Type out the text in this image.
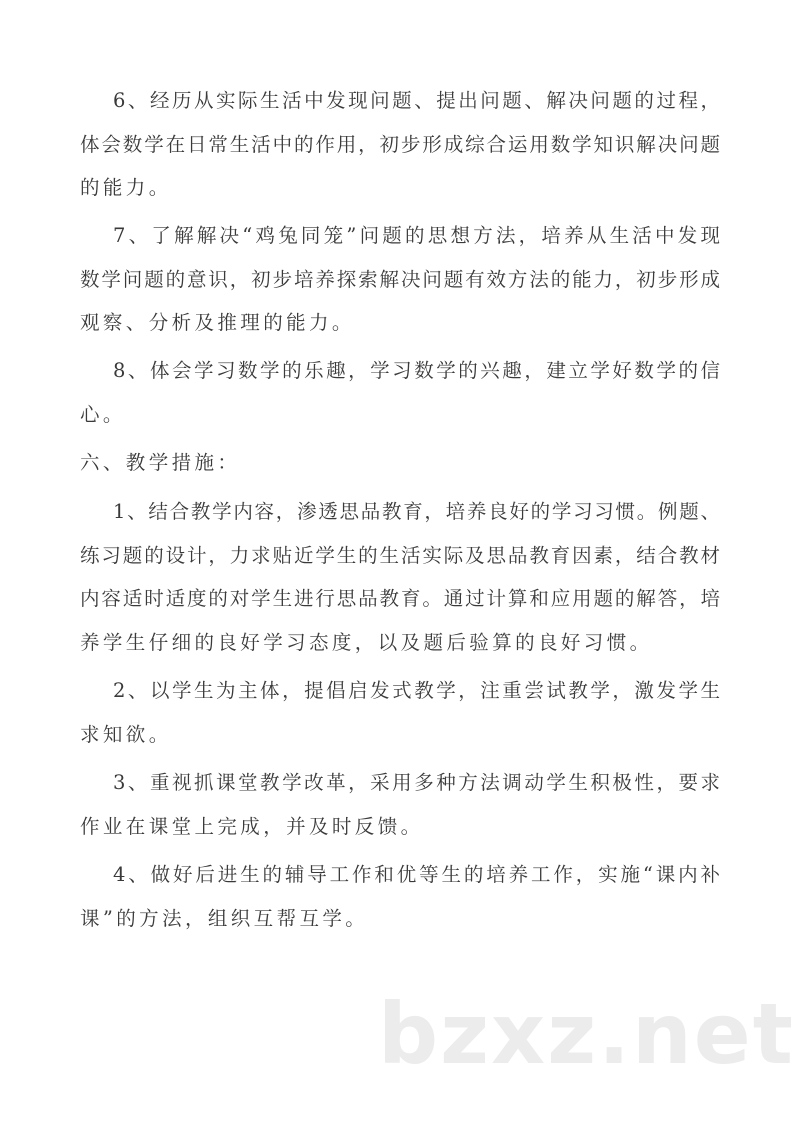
6、经历从实际生活中发现问题、提出问题、解决问题的过程，
体会数学在日常生活中的作用，初步形成综合运用数学知识解决问题
的能力。
7、了解解决“鸡兔同笼”问题的思想方法，培养从生活中发现
数学问题的意识，初步培养探索解决问题有效方法的能力，初步形成
观察、分析及推理的能力。
8、体会学习数学的乐趣，学习数学的兴趣，建立学好数学的信
心。
六、教学措施：
1、结合教学内容，渗透思品教育，培养良好的学习习惯。例题、
练习题的设计，力求贴近学生的生活实际及思品教育因素，结合教材
内容适时适度的对学生进行思品教育。通过计算和应用题的解答，培
养学生仔细的良好学习态度，以及题后验算的良好习惯。
2、以学生为主体，提倡启发式教学，注重尝试教学，激发学生
求知欲。
3、重视抓课堂教学改革，采用多种方法调动学生积极性，要求
作业在课堂上完成，并及时反馈。
4、做好后进生的辅导工作和优等生的培养工作，实施“课内补
课”的方法，组织互帮互学。
bzxz.net
